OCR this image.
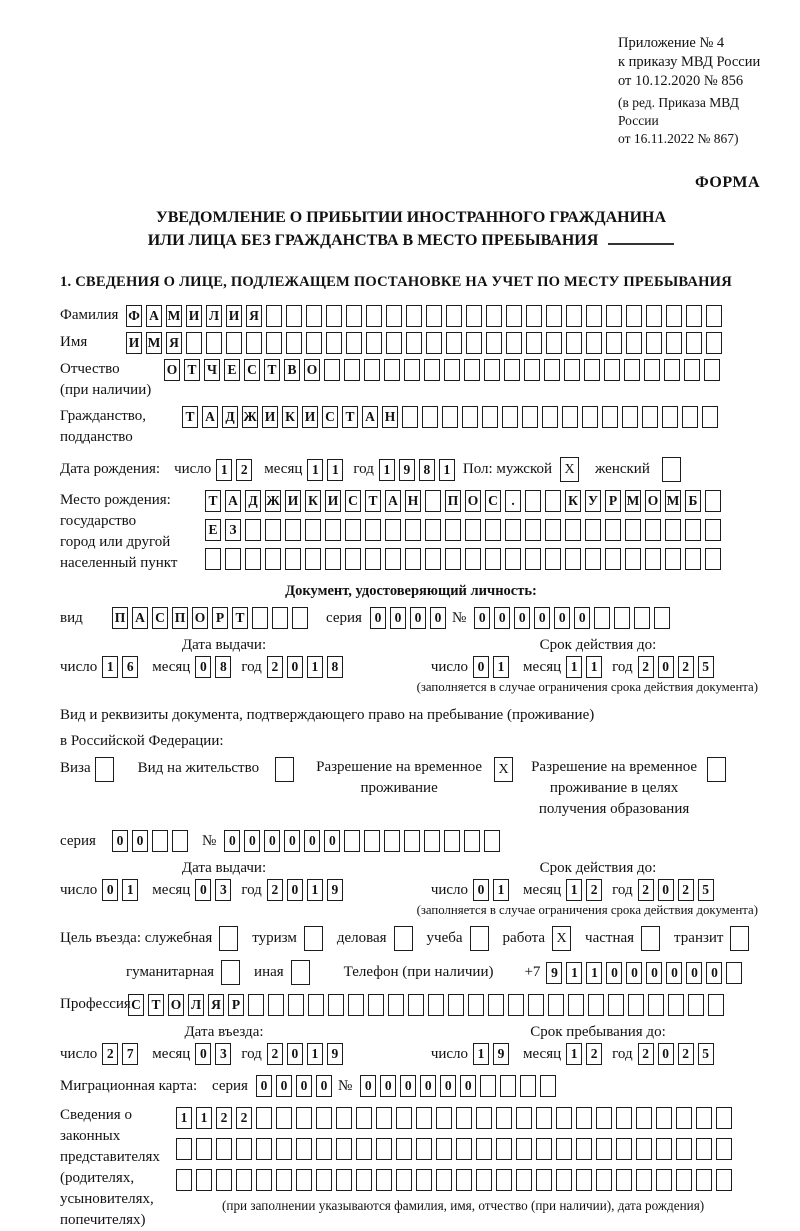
Приложение № 4
к приказу МВД России
от 10.12.2020 № 856
(в ред. Приказа МВД России
от 16.11.2022 № 867)
ФОРМА
УВЕДОМЛЕНИЕ О ПРИБЫТИИ ИНОСТРАННОГО ГРАЖДАНИНА
ИЛИ ЛИЦА БЕЗ ГРАЖДАНСТВА В МЕСТО ПРЕБЫВАНИЯ
1. СВЕДЕНИЯ О ЛИЦЕ, ПОДЛЕЖАЩЕМ ПОСТАНОВКЕ НА УЧЕТ ПО МЕСТУ ПРЕБЫВАНИЯ
Фамилия Ф А М И Л И Я
Имя	И М Я
Отчество
(при наличии)
О Т Ч Е С Т В О
Гражданство,
подданство
Т А Д Ж И К И С Т А Н
Дата рождения: число 1 2	месяц 1 1 год 1 9 8 1 Пол: мужской X женский
Место рождения:
государство
город или другой
населенный пункт
Т А Д Ж И К И С Т А Н П О С .	К У Р М О М Б
Е З
Документ, удостоверяющий личность:
вид	П А С П О Р Т	серия 0 0 0 0 № 0 0 0 0 0 0
Дата выдачи:	Срок действия до:
число 1 6	месяц 0 8 год 2 0 1 8	число 0 1	месяц 1 1 год 2 0 2 5
(заполняется в случае ограничения срока действия документа)
Вид и реквизиты документа, подтверждающего право на пребывание (проживание)
в Российской Федерации:
Виза	Вид на жительство	Разрешение на временное
проживание
X Разрешение на временное
проживание в целях
получения образования
серия	0 0	№ 0 0 0 0 0 0
Дата выдачи:	Срок действия до:
число 0 1	месяц 0 3 год 2 0 1 9	число 0 1	месяц 1 2 год 2 0 2 5
(заполняется в случае ограничения срока действия документа)
Цель въезда: служебная	туризм	деловая	учеба	работа X частная	транзит
гуманитарная	иная	Телефон (при наличии) +7 9 1 1 0 0 0 0 0 0
Профессия С Т О Л Я Р
Дата въезда:	Срок пребывания до:
число 2 7	месяц 0 3 год 2 0 1 9	число 1 9	месяц 1 2 год 2 0 2 5
Миграционная карта: серия 0 0 0 0 № 0 0 0 0 0 0
Сведения о
законных
представителях
(родителях,
усыновителях,
попечителях)
1 1 2 2
(при заполнении указываются фамилия, имя, отчество (при наличии), дата рождения)
